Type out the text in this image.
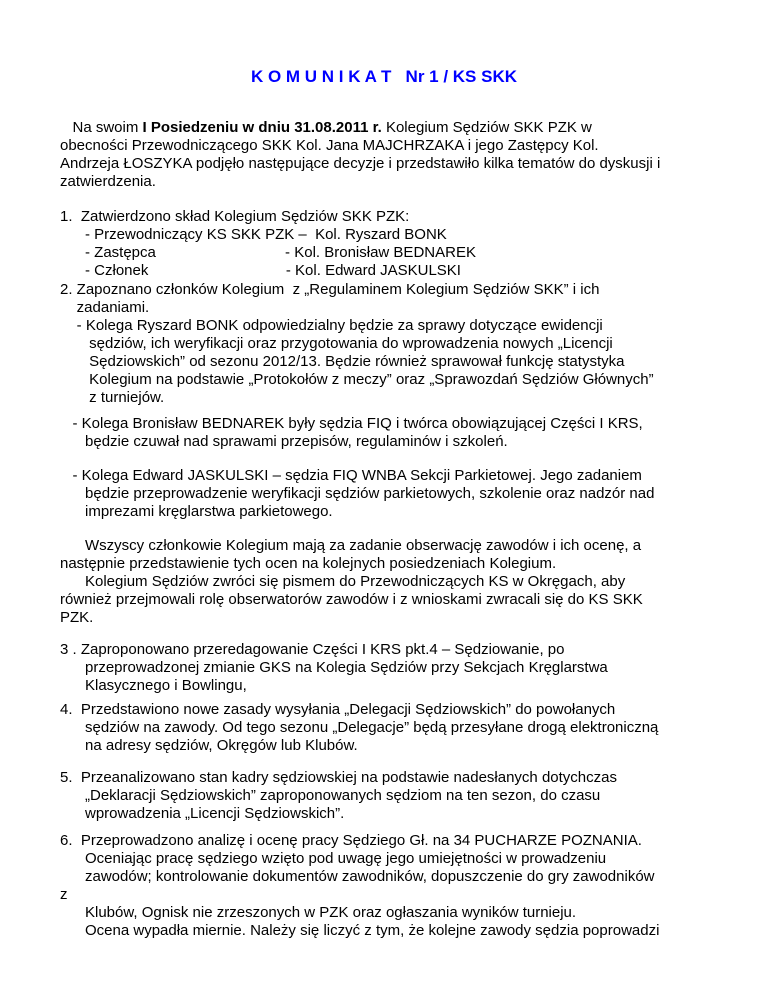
K O M U N I K A T   Nr 1 / KS SKK
Na swoim I Posiedzeniu w dniu 31.08.2011 r. Kolegium Sędziów SKK PZK w
obecności Przewodniczącego SKK Kol. Jana MAJCHRZAKA i jego Zastępcy Kol.
Andrzeja ŁOSZYKA podjęło następujące decyzje i przedstawiło kilka tematów do dyskusji i
zatwierdzenia.
1.  Zatwierdzono skład Kolegium Sędziów SKK PZK:
- Przewodniczący KS SKK PZK –  Kol. Ryszard BONK
- Zastępca                               - Kol. Bronisław BEDNAREK
- Członek                                 - Kol. Edward JASKULSKI
2. Zapoznano członków Kolegium  z „Regulaminem Kolegium Sędziów SKK” i ich
zadaniami.
- Kolega Ryszard BONK odpowiedzialny będzie za sprawy dotyczące ewidencji
sędziów, ich weryfikacji oraz przygotowania do wprowadzenia nowych „Licencji
Sędziowskich” od sezonu 2012/13. Będzie również sprawował funkcję statystyka
Kolegium na podstawie „Protokołów z meczy” oraz „Sprawozdań Sędziów Głównych”
z turniejów.
- Kolega Bronisław BEDNAREK były sędzia FIQ i twórca obowiązującej Części I KRS,
będzie czuwał nad sprawami przepisów, regulaminów i szkoleń.
- Kolega Edward JASKULSKI – sędzia FIQ WNBA Sekcji Parkietowej. Jego zadaniem
będzie przeprowadzenie weryfikacji sędziów parkietowych, szkolenie oraz nadzór nad
imprezami kręglarstwa parkietowego.
Wszyscy członkowie Kolegium mają za zadanie obserwację zawodów i ich ocenę, a
następnie przedstawienie tych ocen na kolejnych posiedzeniach Kolegium.
Kolegium Sędziów zwróci się pismem do Przewodniczących KS w Okręgach, aby
również przejmowali rolę obserwatorów zawodów i z wnioskami zwracali się do KS SKK
PZK.
3 . Zaproponowano przeredagowanie Części I KRS pkt.4 – Sędziowanie, po
przeprowadzonej zmianie GKS na Kolegia Sędziów przy Sekcjach Kręglarstwa
Klasycznego i Bowlingu,
4.  Przedstawiono nowe zasady wysyłania „Delegacji Sędziowskich” do powołanych
sędziów na zawody. Od tego sezonu „Delegacje” będą przesyłane drogą elektroniczną
na adresy sędziów, Okręgów lub Klubów.
5.  Przeanalizowano stan kadry sędziowskiej na podstawie nadesłanych dotychczas
„Deklaracji Sędziowskich” zaproponowanych sędziom na ten sezon, do czasu
wprowadzenia „Licencji Sędziowskich”.
6.  Przeprowadzono analizę i ocenę pracy Sędziego Gł. na 34 PUCHARZE POZNANIA.
Oceniając pracę sędziego wzięto pod uwagę jego umiejętności w prowadzeniu
zawodów; kontrolowanie dokumentów zawodników, dopuszczenie do gry zawodników
z
Klubów, Ognisk nie zrzeszonych w PZK oraz ogłaszania wyników turnieju.
Ocena wypadła miernie. Należy się liczyć z tym, że kolejne zawody sędzia poprowadzi
